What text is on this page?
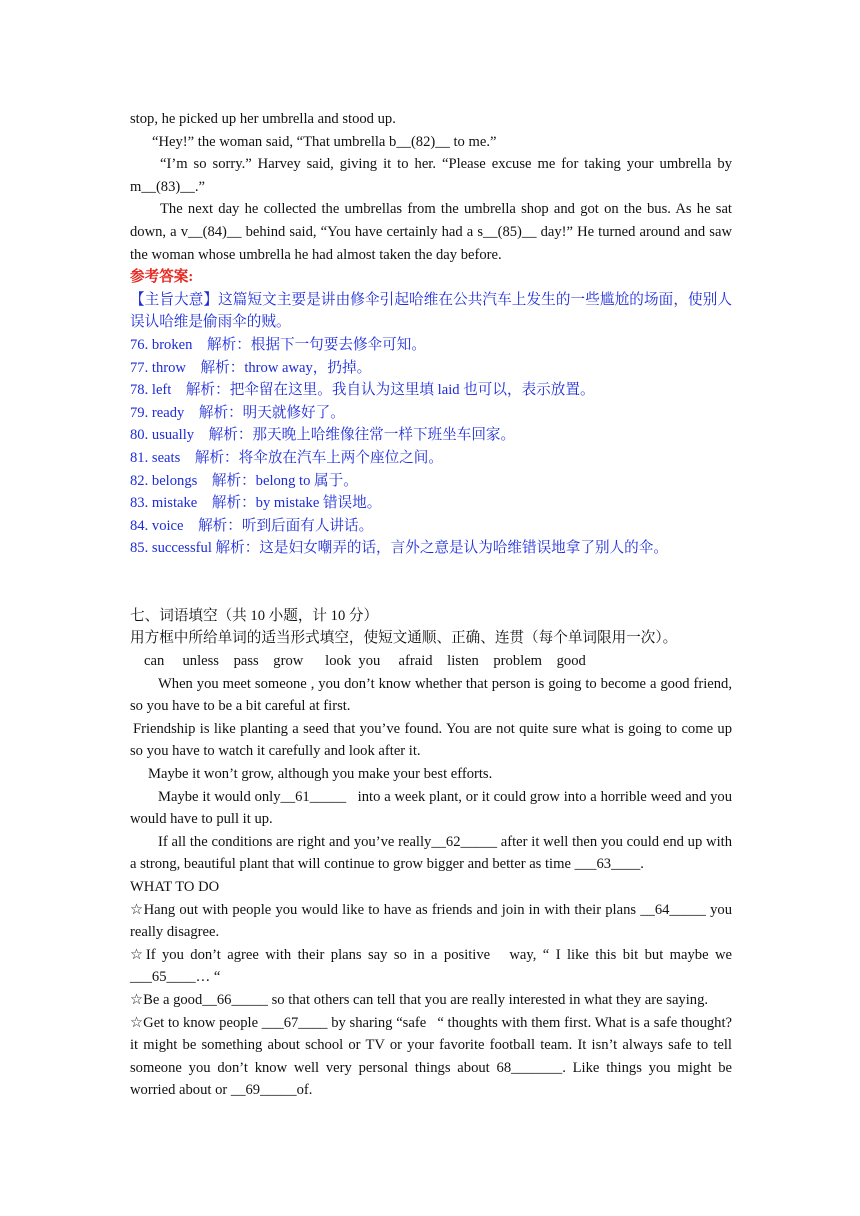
stop, he picked up her umbrella and stood up.
“Hey!” the woman said, “That umbrella b__(82)__ to me.”
“I’m so sorry.” Harvey said, giving it to her. “Please excuse me for taking your umbrella by m__(83)__.”
The next day he collected the umbrellas from the umbrella shop and got on the bus. As he sat down, a v__(84)__ behind said, “You have certainly had a s__(85)__ day!” He turned around and saw the woman whose umbrella he had almost taken the day before.
参考答案:
【主旨大意】这篇短文主要是讲由修伞引起哈维在公共汽车上发生的一些尴尬的场面，使别人误认哈维是偷雨伞的贼。
76. broken　解析：根据下一句要去修伞可知。
77. throw　解析：throw away，扔掉。
78. left　解析：把伞留在这里。我自认为这里填 laid 也可以，表示放置。
79. ready　解析：明天就修好了。
80. usually　解析：那天晚上哈维像往常一样下班坐车回家。
81. seats　解析：将伞放在汽车上两个座位之间。
82. belongs　解析：belong to 属于。
83. mistake　解析：by mistake 错误地。
84. voice　解析：听到后面有人讲话。
85. successful 解析：这是妇女嘲弄的话，言外之意是认为哈维错误地拿了别人的伞。
七、词语填空（共 10 小题，计 10 分）
用方框中所给单词的适当形式填空，使短文通顺、正确、连贯（每个单词限用一次）。
can     unless    pass    grow      look  you     afraid    listen    problem    good
When you meet someone , you don’t know whether that person is going to become a good friend, so you have to be a bit careful at first.
Friendship is like planting a seed that you’ve found. You are not quite sure what is going to come up so you have to watch it carefully and look after it.
Maybe it won’t grow, although you make your best efforts.
Maybe it would only__61_____   into a week plant, or it could grow into a horrible weed and you would have to pull it up.
If all the conditions are right and you’ve really__62_____ after it well then you could end up with a strong, beautiful plant that will continue to grow bigger and better as time ___63____.
WHAT TO DO
☆Hang out with people you would like to have as friends and join in with their plans __64_____ you really disagree.
☆If you don’t agree with their plans say so in a positive   way, “ I like this bit but maybe we ___65____… “
☆Be a good__66_____ so that others can tell that you are really interested in what they are saying.
☆Get to know people ___67____ by sharing “safe   “ thoughts with them first. What is a safe thought? it might be something about school or TV or your favorite football team. It isn’t always safe to tell someone you don’t know well very personal things about 68_______. Like things you might be worried about or __69_____of.
